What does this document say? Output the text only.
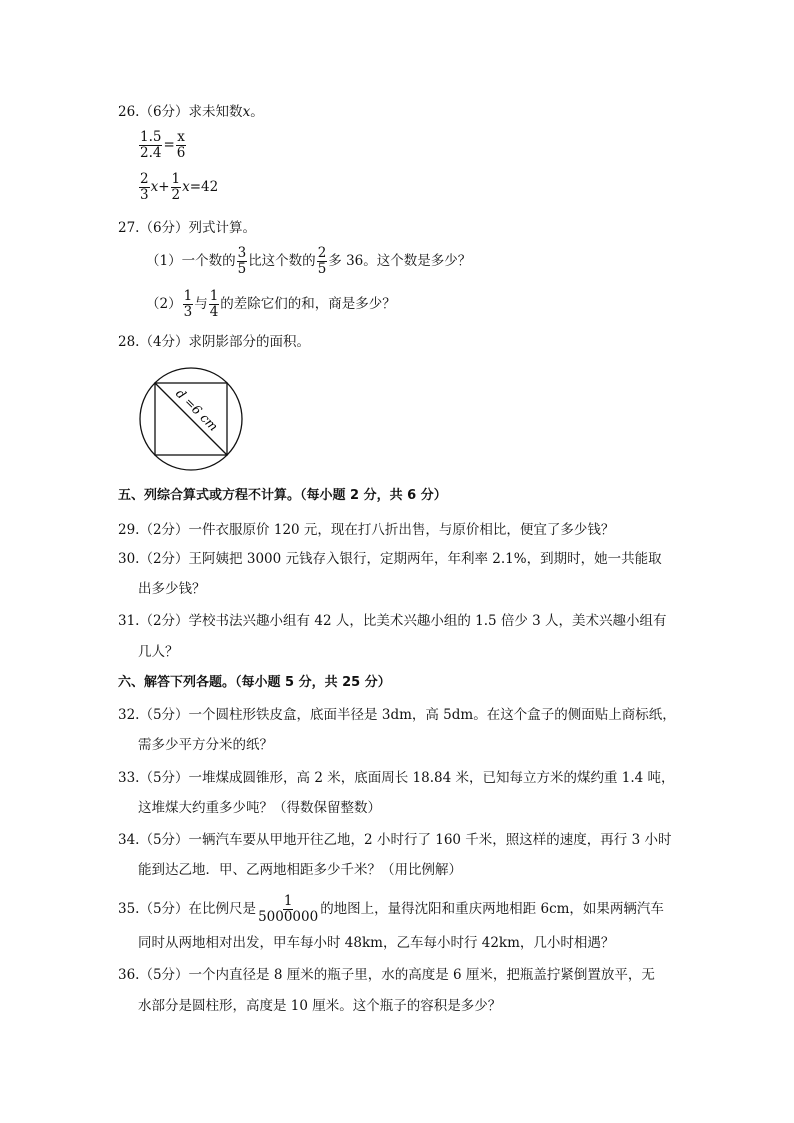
26.（6分）求未知数x。
$\frac{1.5}{2.4} = \frac{x}{6}$
$\frac{2}{3} x+ \frac{1}{2} x=42$
27.（6分）列式计算。
（1）一个数的 $\frac{3}{5}$ 比这个数的 $\frac{2}{5}$ 多 36。这个数是多少？
$(2) \frac{1}{3}$ 与 $\frac{1}{4}$ 的差除它们的和，商是多少？
28.（4分）求阴影部分的面积。
d =6 cm
五、列综合算式或方程不计算。（每小题 2 分，共 6 分）
29.（2分）一件衣服原价 120 元，现在打八折出售，与原价相比，便宜了多少钱？
30.（2分）王阿姨把 3000 元钱存入银行，定期两年，年利率 2.1%，到期时，她一共能取
出多少钱？
31.（2分）学校书法兴趣小组有 42 人，比美术兴趣小组的 1.5 倍少 3 人，美术兴趣小组有
几人？
六、解答下列各题。（每小题 5 分，共 25 分）
32.（5分）一个圆柱形铁皮盒，底面半径是 3dm，高 5dm。在这个盒子的侧面贴上商标纸，
需多少平方分米的纸？
33.（5分）一堆煤成圆锥形，高 2 米，底面周长 18.84 米，已知每立方米的煤约重 1.4 吨，
这堆煤大约重多少吨？（得数保留整数）
34.（5分）一辆汽车要从甲地开往乙地，2 小时行了 160 千米，照这样的速度，再行 3 小时
能到达乙地．甲、乙两地相距多少千米？（用比例解）
35.（5分）在比例尺是 $\frac{1}{5000000}$ 的地图上，量得沈阳和重庆两地相距 6cm，如果两辆汽车
同时从两地相对出发，甲车每小时 48km，乙车每小时行 42km，几小时相遇？
36.（5分）一个内直径是 8 厘米的瓶子里，水的高度是 6 厘米，把瓶盖拧紧倒置放平，无
水部分是圆柱形，高度是 10 厘米。这个瓶子的容积是多少？
